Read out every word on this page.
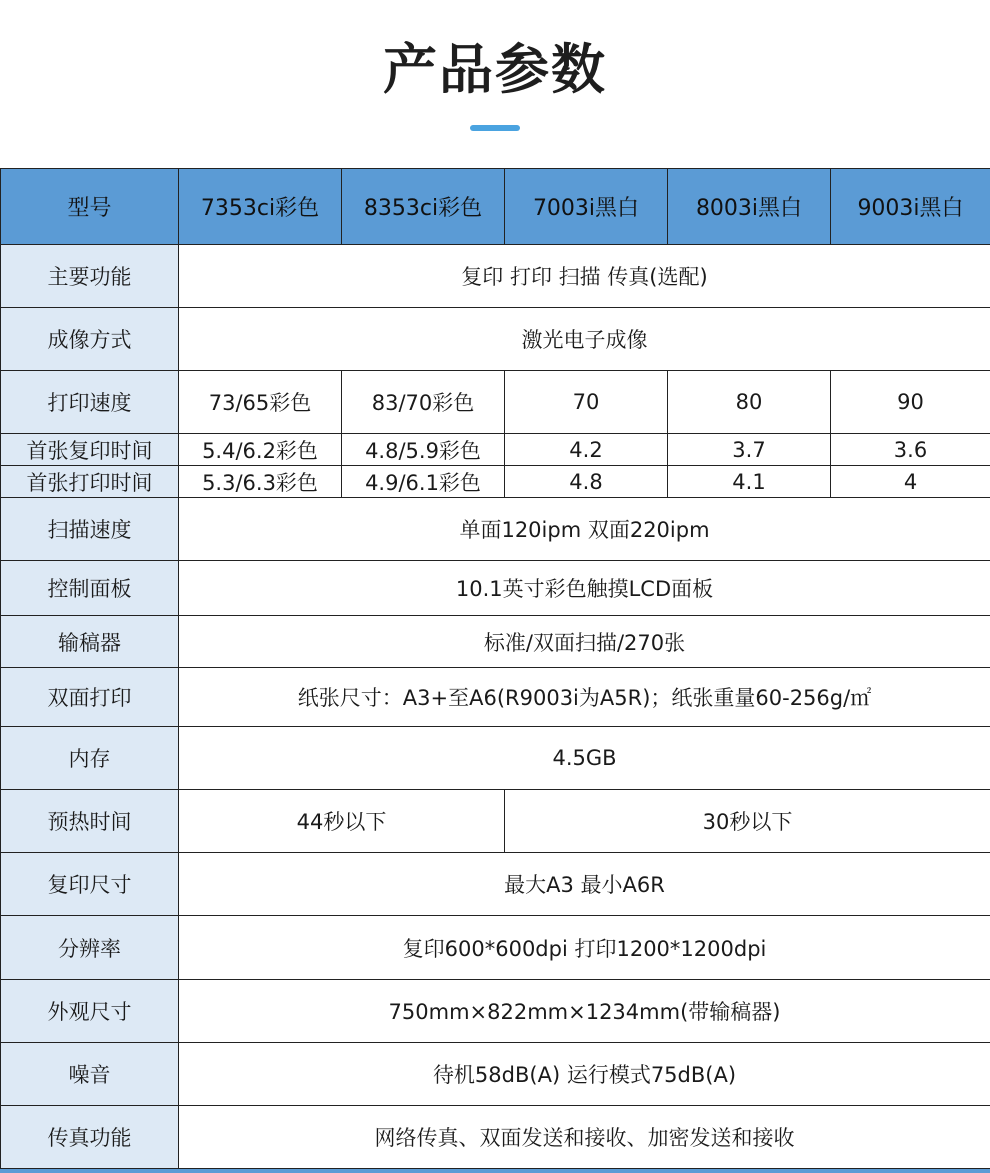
产品参数
型号	7353ci彩色	8353ci彩色	7003i黑白	8003i黑白	9003i黑白
主要功能	复印 打印 扫描 传真(选配)				
成像方式	激光电子成像				
打印速度	73/65彩色	83/70彩色	70	80	90
首张复印时间	5.4/6.2彩色	4.8/5.9彩色	4.2	3.7	3.6
首张打印时间	5.3/6.3彩色	4.9/6.1彩色	4.8	4.1	4
扫描速度	单面120ipm 双面220ipm				
控制面板	10.1英寸彩色触摸LCD面板				
输稿器	标准/双面扫描/270张				
双面打印	纸张尺寸：A3+至A6(R9003i为A5R)；纸张重量60-256g/㎡				
内存	4.5GB				
预热时间	44秒以下		30秒以下		
复印尺寸	最大A3 最小A6R				
分辨率	复印600*600dpi 打印1200*1200dpi				
外观尺寸	750mm×822mm×1234mm(带输稿器)				
噪音	待机58dB(A) 运行模式75dB(A)				
传真功能	网络传真、双面发送和接收、加密发送和接收				
